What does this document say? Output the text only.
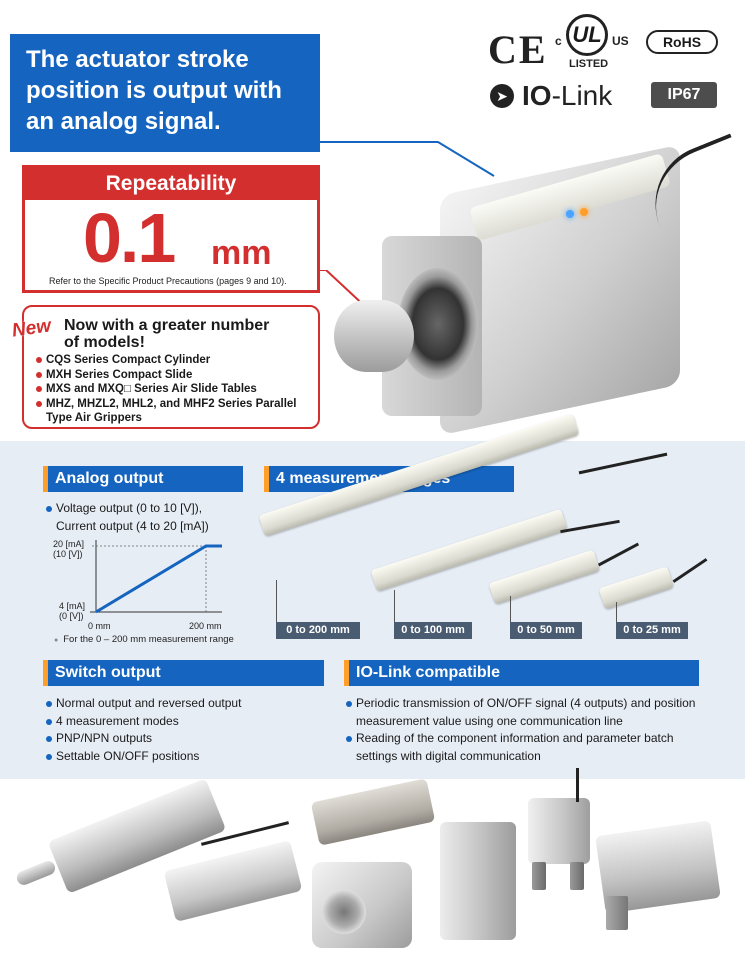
The actuator stroke
position is output with
an analog signal.
CE c UL US
LISTED
RoHS
➤ IO-Link	IP67
Repeatability
0.1 mm
Refer to the Specific Product Precautions (pages 9 and 10).
Now with a greater number
of models!
CQS Series Compact Cylinder
MXH Series Compact Slide
MXS and MXQ□ Series Air Slide Tables
MHZ, MHZL2, MHL2, and MHF2 Series Parallel
Type Air Grippers
New
Analog output
Voltage output (0 to 10 [V]),
Current output (4 to 20 [mA])
20 [mA]
(10 [V])
4 [mA]
(0 [V])
0 mm	200 mm
● For the 0 – 200 mm measurement range
4 measurement ranges
0 to 200 mm	0 to 100 mm	0 to 50 mm	0 to 25 mm
Switch output
Normal output and reversed output
4 measurement modes
PNP/NPN outputs
Settable ON/OFF positions
IO-Link compatible
Periodic transmission of ON/OFF signal (4 outputs) and position
measurement value using one communication line
Reading of the component information and parameter batch
settings with digital communication
